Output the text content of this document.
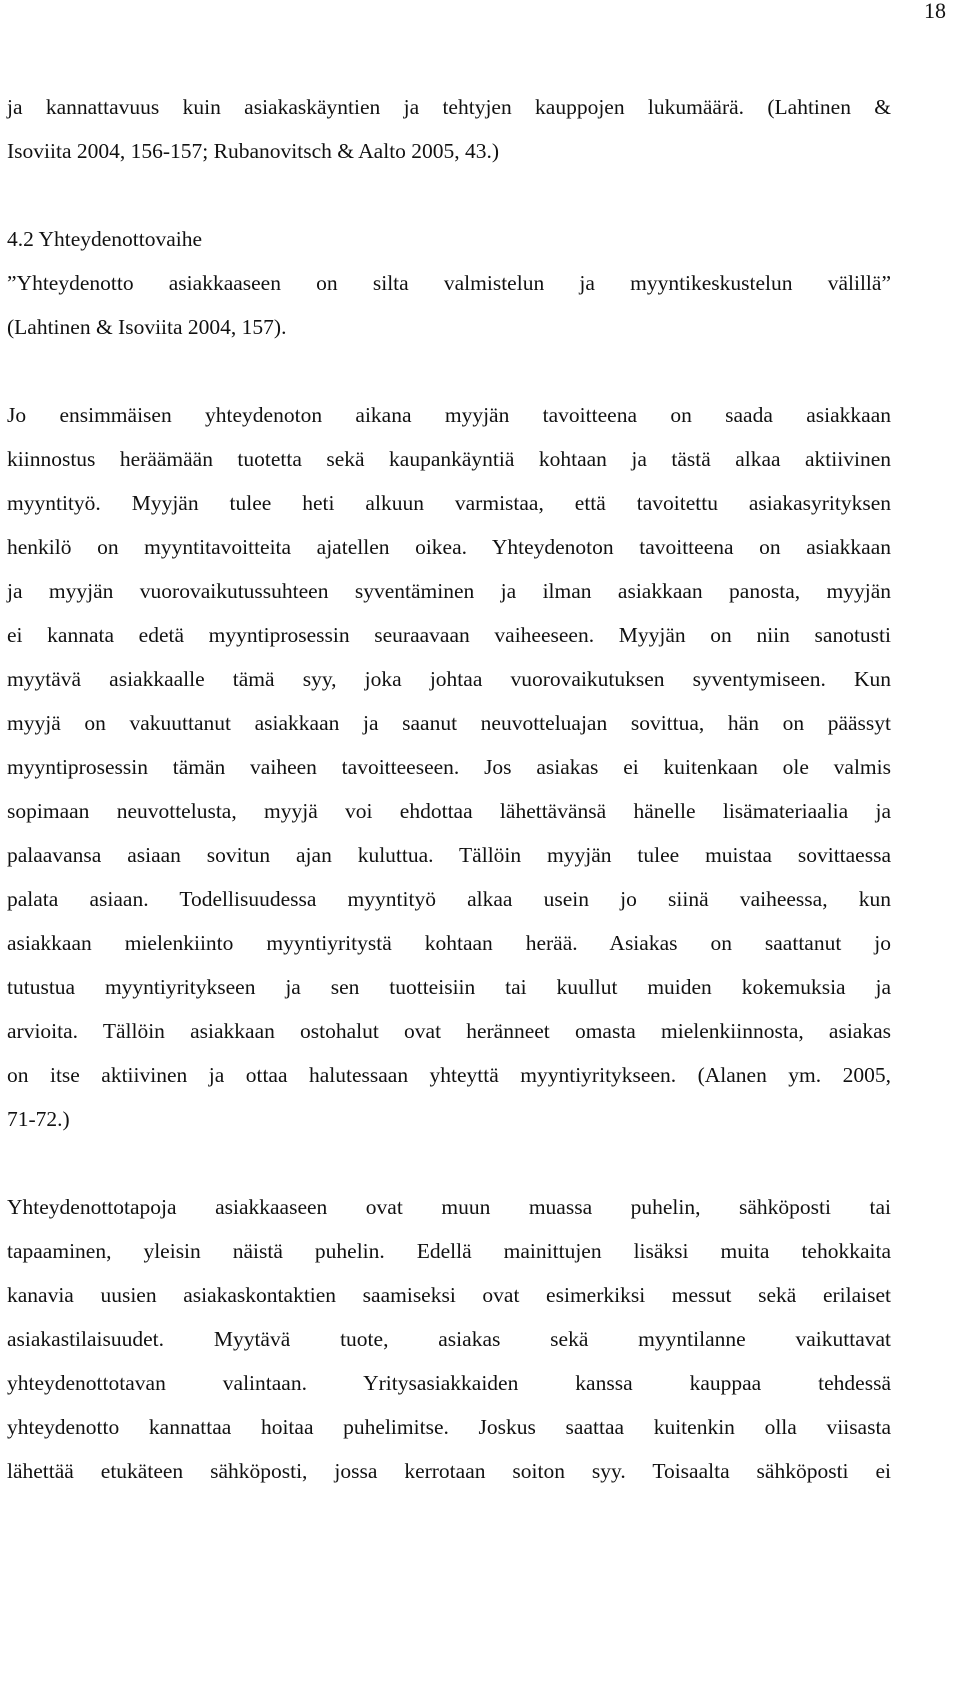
18
ja kannattavuus kuin asiakaskäyntien ja tehtyjen kauppojen lukumäärä. (Lahtinen &
Isoviita 2004, 156-157; Rubanovitsch & Aalto 2005, 43.)
4.2 Yhteydenottovaihe
”Yhteydenotto asiakkaaseen on silta valmistelun ja myyntikeskustelun välillä”
(Lahtinen & Isoviita 2004, 157).
Jo ensimmäisen yhteydenoton aikana myyjän tavoitteena on saada asiakkaan
kiinnostus heräämään tuotetta sekä kaupankäyntiä kohtaan ja tästä alkaa aktiivinen
myyntityö. Myyjän tulee heti alkuun varmistaa, että tavoitettu asiakasyrityksen
henkilö on myyntitavoitteita ajatellen oikea. Yhteydenoton tavoitteena on asiakkaan
ja myyjän vuorovaikutussuhteen syventäminen ja ilman asiakkaan panosta, myyjän
ei kannata edetä myyntiprosessin seuraavaan vaiheeseen. Myyjän on niin sanotusti
myytävä asiakkaalle tämä syy, joka johtaa vuorovaikutuksen syventymiseen. Kun
myyjä on vakuuttanut asiakkaan ja saanut neuvotteluajan sovittua, hän on päässyt
myyntiprosessin tämän vaiheen tavoitteeseen. Jos asiakas ei kuitenkaan ole valmis
sopimaan neuvottelusta, myyjä voi ehdottaa lähettävänsä hänelle lisämateriaalia ja
palaavansa asiaan sovitun ajan kuluttua. Tällöin myyjän tulee muistaa sovittaessa
palata asiaan. Todellisuudessa myyntityö alkaa usein jo siinä vaiheessa, kun
asiakkaan mielenkiinto myyntiyritystä kohtaan herää. Asiakas on saattanut jo
tutustua myyntiyritykseen ja sen tuotteisiin tai kuullut muiden kokemuksia ja
arvioita. Tällöin asiakkaan ostohalut ovat heränneet omasta mielenkiinnosta, asiakas
on itse aktiivinen ja ottaa halutessaan yhteyttä myyntiyritykseen. (Alanen ym. 2005,
71-72.)
Yhteydenottotapoja asiakkaaseen ovat muun muassa puhelin, sähköposti tai
tapaaminen, yleisin näistä puhelin. Edellä mainittujen lisäksi muita tehokkaita
kanavia uusien asiakaskontaktien saamiseksi ovat esimerkiksi messut sekä erilaiset
asiakastilaisuudet. Myytävä tuote, asiakas sekä myyntilanne vaikuttavat
yhteydenottotavan valintaan. Yritysasiakkaiden kanssa kauppaa tehdessä
yhteydenotto kannattaa hoitaa puhelimitse. Joskus saattaa kuitenkin olla viisasta
lähettää etukäteen sähköposti, jossa kerrotaan soiton syy. Toisaalta sähköposti ei
